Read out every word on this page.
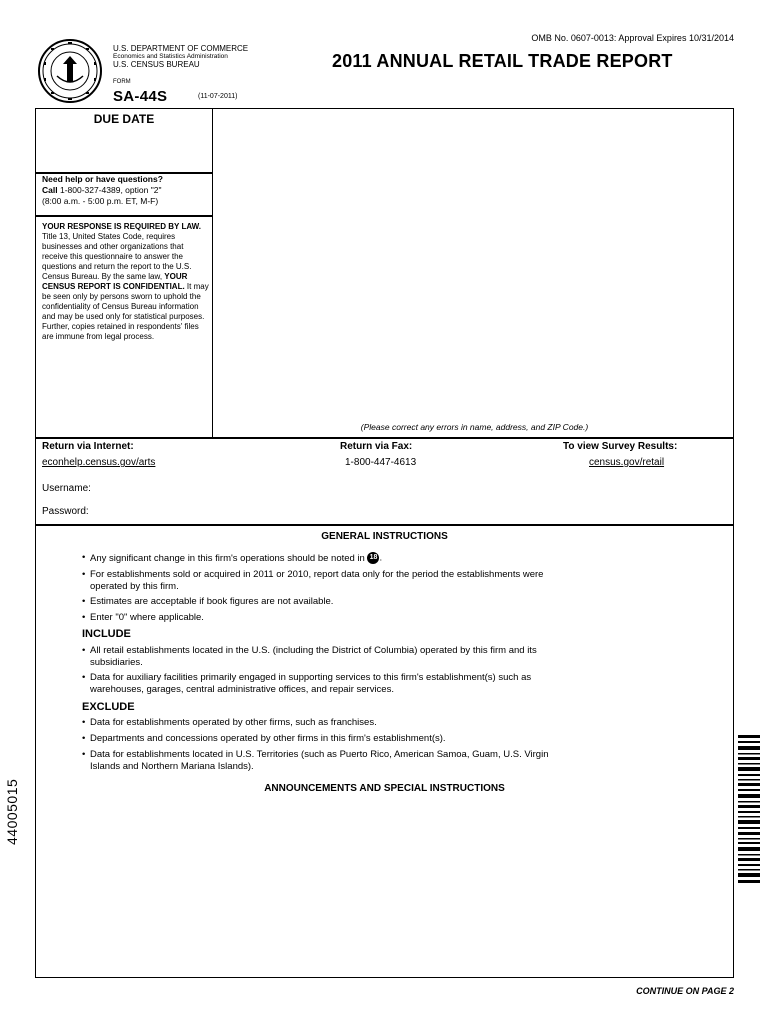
U.S. DEPARTMENT OF COMMERCE
Economics and Statistics Administration
U.S. CENSUS BUREAU
FORM
SA-44S	(11-07-2011)
OMB No. 0607-0013: Approval Expires 10/31/2014
2011 ANNUAL RETAIL TRADE REPORT
DUE DATE
Need help or have questions?
Call 1-800-327-4389, option "2"
(8:00 a.m. - 5:00 p.m. ET, M-F)
YOUR RESPONSE IS REQUIRED BY LAW. Title 13, United States Code, requires businesses and other organizations that receive this questionnaire to answer the questions and return the report to the U.S. Census Bureau. By the same law, YOUR CENSUS REPORT IS CONFIDENTIAL. It may be seen only by persons sworn to uphold the confidentiality of Census Bureau information and may be used only for statistical purposes. Further, copies retained in respondents' files are immune from legal process.
(Please correct any errors in name, address, and ZIP Code.)
Return via Internet:
econhelp.census.gov/arts
Return via Fax:
1-800-447-4613
To view Survey Results:
census.gov/retail
Username:
Password:
GENERAL INSTRUCTIONS
• Any significant change in this firm's operations should be noted in 18 .
• For establishments sold or acquired in 2011 or 2010, report data only for the period the establishments were
operated by this firm.
• Estimates are acceptable if book figures are not available.
• Enter "0" where applicable.
INCLUDE
• All retail establishments located in the U.S. (including the District of Columbia) operated by this firm and its
subsidiaries.
• Data for auxiliary facilities primarily engaged in supporting services to this firm's establishment(s) such as
warehouses, garages, central administrative offices, and repair services.
EXCLUDE
• Data for establishments operated by other firms, such as franchises.
• Departments and concessions operated by other firms in this firm's establishment(s).
• Data for establishments located in U.S. Territories (such as Puerto Rico, American Samoa, Guam, U.S. Virgin
Islands and Northern Mariana Islands).
ANNOUNCEMENTS AND SPECIAL INSTRUCTIONS
44005015
CONTINUE ON PAGE 2
